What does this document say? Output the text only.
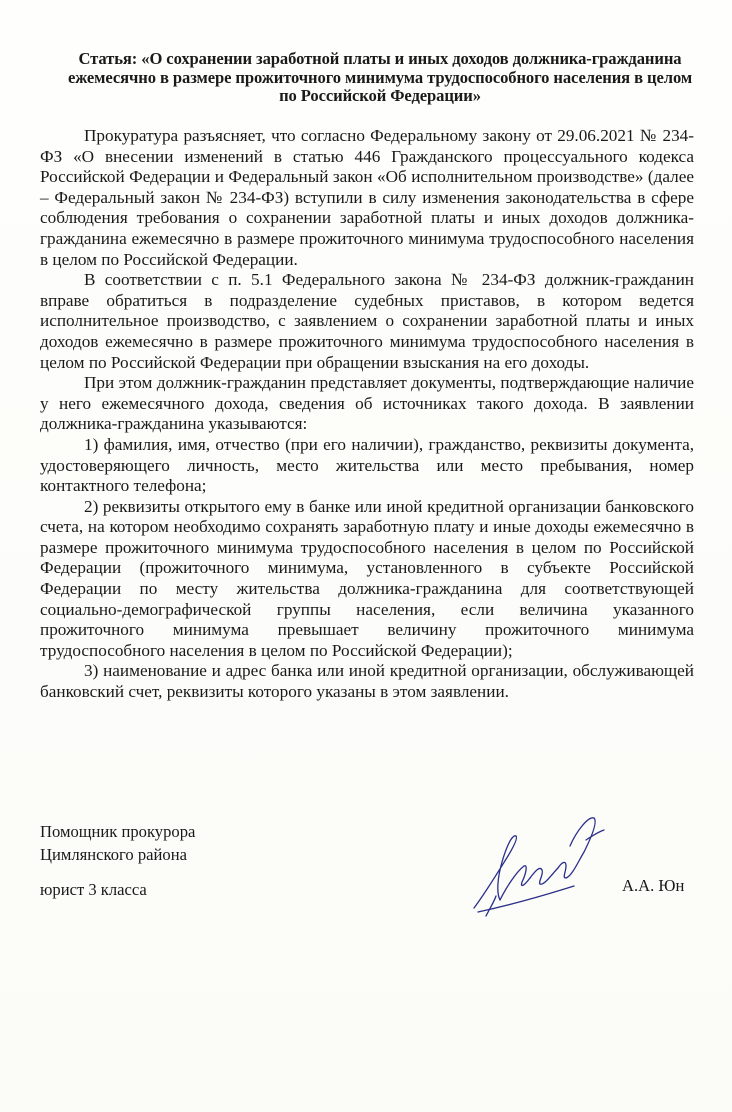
Статья: «О сохранении заработной платы и иных доходов должника-гражданина ежемесячно в размере прожиточного минимума трудоспособного населения в целом по Российской Федерации»

Прокуратура разъясняет, что согласно Федеральному закону от 29.06.2021 № 234-ФЗ «О внесении изменений в статью 446 Гражданского процессуального кодекса Российской Федерации и Федеральный закон «Об исполнительном производстве» (далее – Федеральный закон № 234-ФЗ) вступили в силу изменения законодательства в сфере соблюдения требования о сохранении заработной платы и иных доходов должника-гражданина ежемесячно в размере прожиточного минимума трудоспособного населения в целом по Российской Федерации.

В соответствии с п. 5.1 Федерального закона № 234-ФЗ должник-гражданин вправе обратиться в подразделение судебных приставов, в котором ведется исполнительное производство, с заявлением о сохранении заработной платы и иных доходов ежемесячно в размере прожиточного минимума трудоспособного населения в целом по Российской Федерации при обращении взыскания на его доходы.

При этом должник-гражданин представляет документы, подтверждающие наличие у него ежемесячного дохода, сведения об источниках такого дохода. В заявлении должника-гражданина указываются:

1) фамилия, имя, отчество (при его наличии), гражданство, реквизиты документа, удостоверяющего личность, место жительства или место пребывания, номер контактного телефона;

2) реквизиты открытого ему в банке или иной кредитной организации банковского счета, на котором необходимо сохранять заработную плату и иные доходы ежемесячно в размере прожиточного минимума трудоспособного населения в целом по Российской Федерации (прожиточного минимума, установленного в субъекте Российской Федерации по месту жительства должника-гражданина для соответствующей социально-демографической группы населения, если величина указанного прожиточного минимума превышает величину прожиточного минимума трудоспособного населения в целом по Российской Федерации);

3) наименование и адрес банка или иной кредитной организации, обслуживающей банковский счет, реквизиты которого указаны в этом заявлении.

Помощник прокурора
Цимлянского района
юрист 3 класса	А.А. Юн
